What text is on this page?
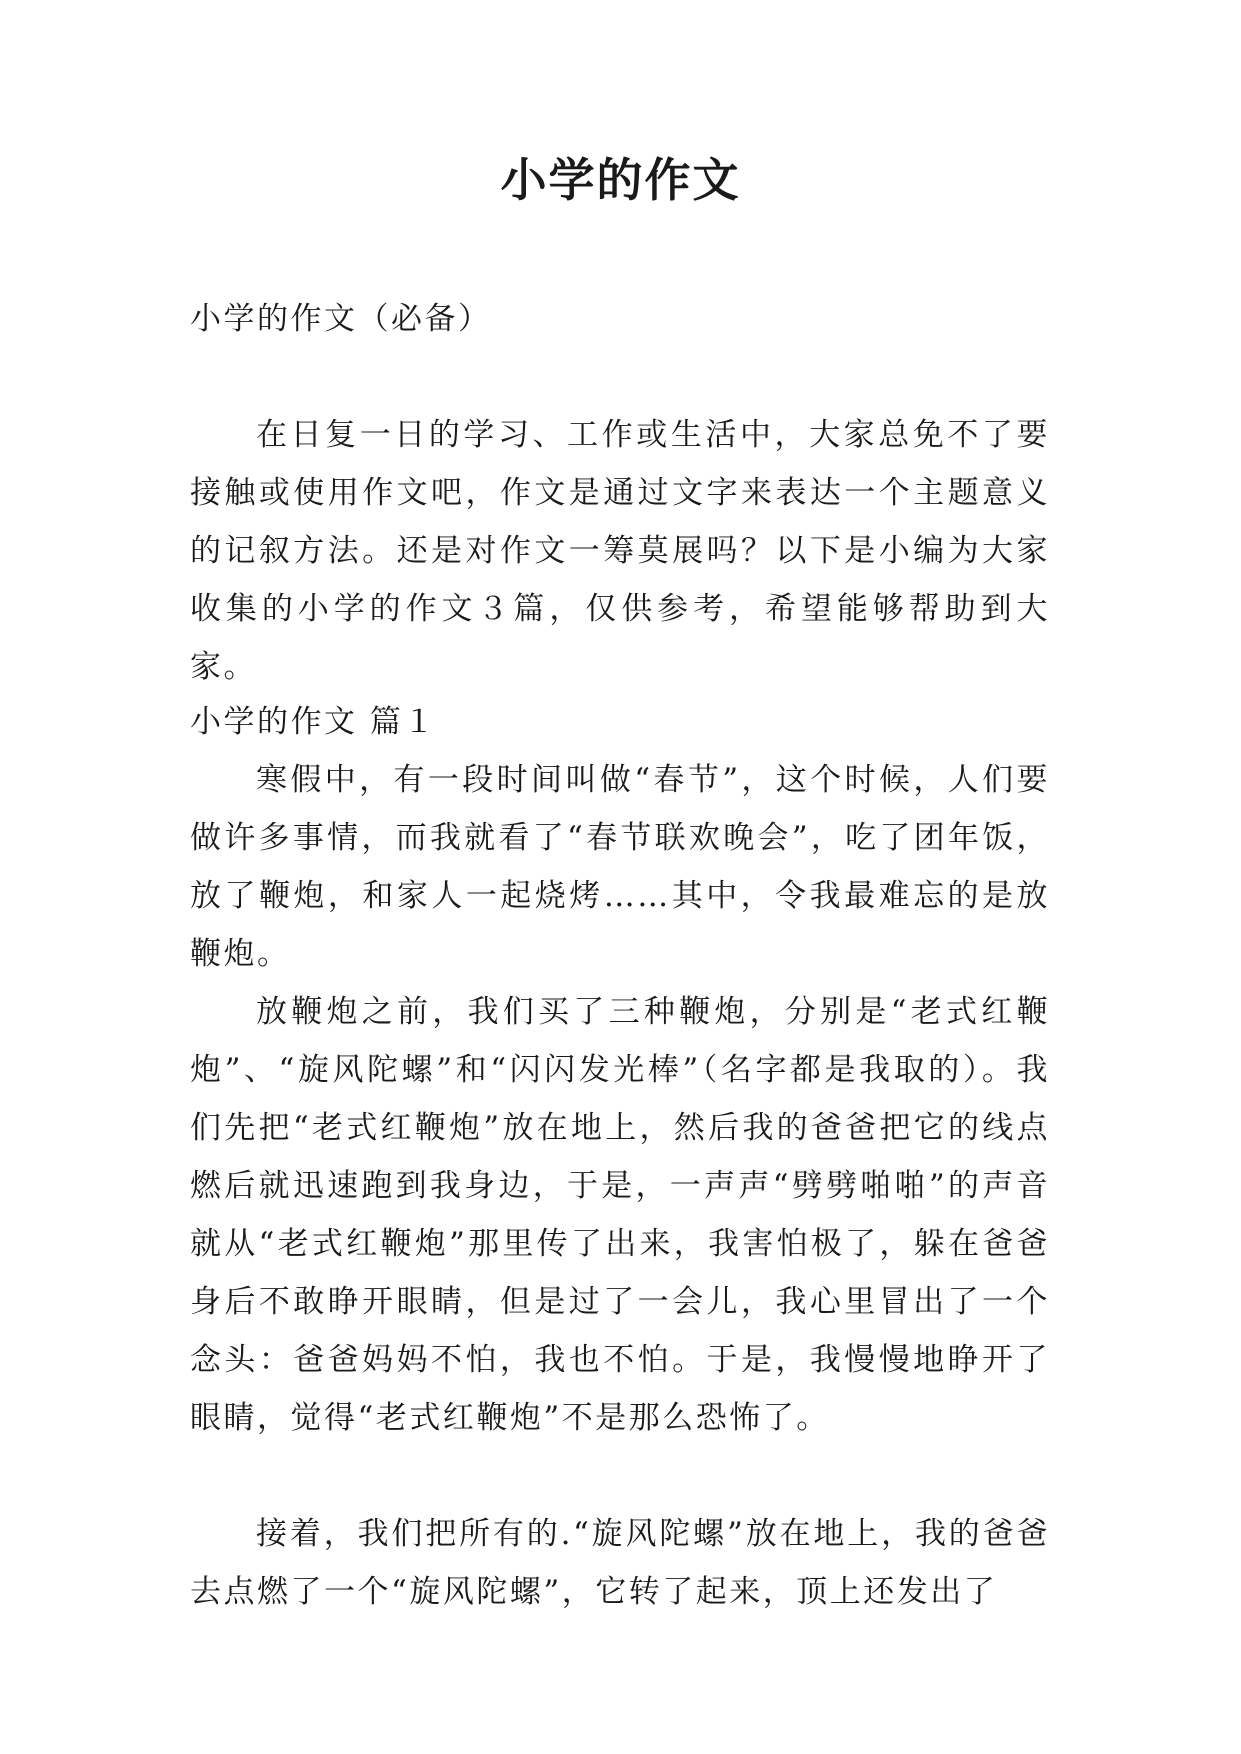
小学的作文

小学的作文（必备）

在日复一日的学习、工作或生活中，大家总免不了要接触或使用作文吧，作文是通过文字来表达一个主题意义的记叙方法。还是对作文一筹莫展吗？以下是小编为大家收集的小学的作文３篇，仅供参考，希望能够帮助到大家。

小学的作文 篇１

寒假中，有一段时间叫做“春节”，这个时候，人们要做许多事情，而我就看了“春节联欢晚会”，吃了团年饭，放了鞭炮，和家人一起烧烤……其中，令我最难忘的是放鞭炮。

放鞭炮之前，我们买了三种鞭炮，分别是“老式红鞭炮”、“旋风陀螺”和“闪闪发光棒”（名字都是我取的）。我们先把“老式红鞭炮”放在地上，然后我的爸爸把它的线点燃后就迅速跑到我身边，于是，一声声“劈劈啪啪”的声音就从“老式红鞭炮”那里传了出来，我害怕极了，躲在爸爸身后不敢睁开眼睛，但是过了一会儿，我心里冒出了一个念头：爸爸妈妈不怕，我也不怕。于是，我慢慢地睁开了眼睛，觉得“老式红鞭炮”不是那么恐怖了。

接着，我们把所有的.“旋风陀螺”放在地上，我的爸爸去点燃了一个“旋风陀螺”，它转了起来，顶上还发出了
